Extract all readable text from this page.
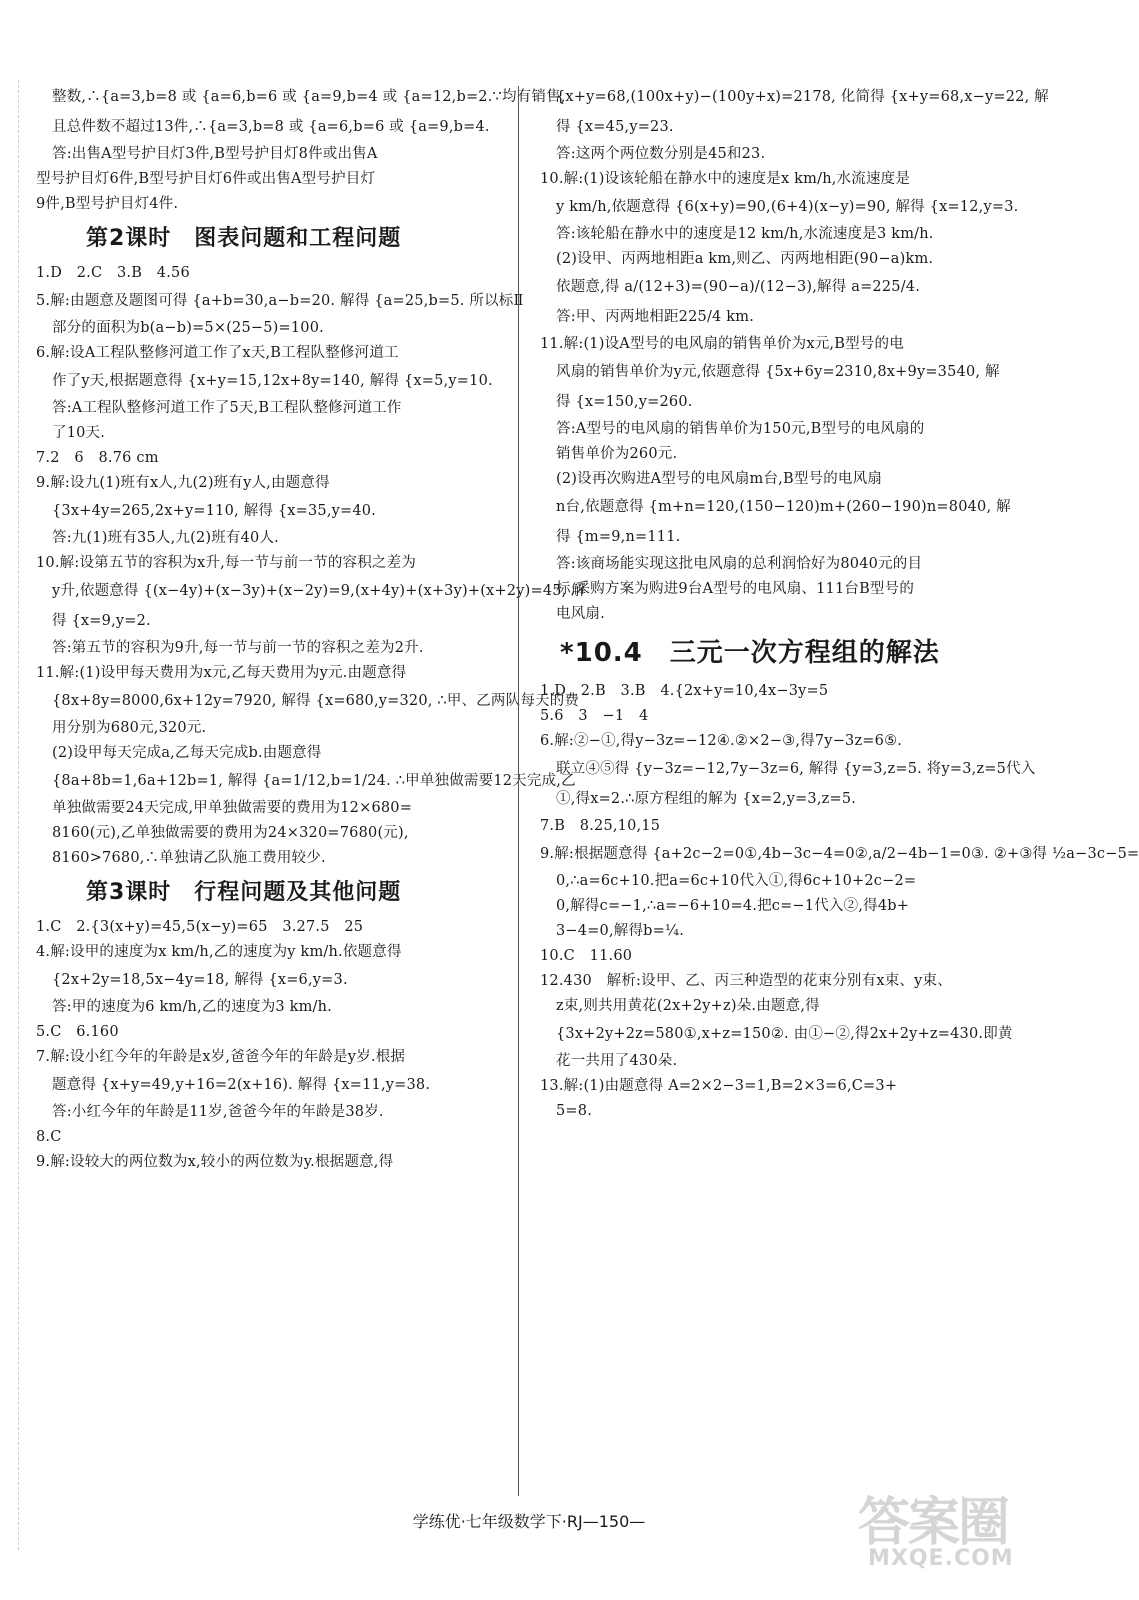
整数,∴{a=3,b=8 或 {a=6,b=6 或 {a=9,b=4 或 {a=12,b=2.∵均有销售,
且总件数不超过13件,∴{a=3,b=8 或 {a=6,b=6 或 {a=9,b=4.
答:出售A型号护目灯3件,B型号护目灯8件或出售A
型号护目灯6件,B型号护目灯6件或出售A型号护目灯
9件,B型号护目灯4件.
第2课时　图表问题和工程问题
1.D　2.C　3.B　4.56
5.解:由题意及题图可得 {a+b=30,a−b=20. 解得 {a=25,b=5. 所以标Ⅱ
部分的面积为b(a−b)=5×(25−5)=100.
6.解:设A工程队整修河道工作了x天,B工程队整修河道工
作了y天,根据题意得 {x+y=15,12x+8y=140, 解得 {x=5,y=10.
答:A工程队整修河道工作了5天,B工程队整修河道工作
了10天.
7.2　6　8.76 cm
9.解:设九(1)班有x人,九(2)班有y人,由题意得
{3x+4y=265,2x+y=110, 解得 {x=35,y=40.
答:九(1)班有35人,九(2)班有40人.
10.解:设第五节的容积为x升,每一节与前一节的容积之差为
y升,依题意得 {(x−4y)+(x−3y)+(x−2y)=9,(x+4y)+(x+3y)+(x+2y)=45, 解
得 {x=9,y=2.
答:第五节的容积为9升,每一节与前一节的容积之差为2升.
11.解:(1)设甲每天费用为x元,乙每天费用为y元.由题意得
{8x+8y=8000,6x+12y=7920, 解得 {x=680,y=320, ∴甲、乙两队每天的费
用分别为680元,320元.
(2)设甲每天完成a,乙每天完成b.由题意得
{8a+8b=1,6a+12b=1, 解得 {a=1/12,b=1/24. ∴甲单独做需要12天完成,乙
单独做需要24天完成,甲单独做需要的费用为12×680=
8160(元),乙单独做需要的费用为24×320=7680(元),
8160>7680,∴单独请乙队施工费用较少.
第3课时　行程问题及其他问题
1.C　2.{3(x+y)=45,5(x−y)=65　3.27.5　25
4.解:设甲的速度为x km/h,乙的速度为y km/h.依题意得
{2x+2y=18,5x−4y=18, 解得 {x=6,y=3.
答:甲的速度为6 km/h,乙的速度为3 km/h.
5.C　6.160
7.解:设小红今年的年龄是x岁,爸爸今年的年龄是y岁.根据
题意得 {x+y=49,y+16=2(x+16). 解得 {x=11,y=38.
答:小红今年的年龄是11岁,爸爸今年的年龄是38岁.
8.C
9.解:设较大的两位数为x,较小的两位数为y.根据题意,得
{x+y=68,(100x+y)−(100y+x)=2178, 化简得 {x+y=68,x−y=22, 解
得 {x=45,y=23.
答:这两个两位数分别是45和23.
10.解:(1)设该轮船在静水中的速度是x km/h,水流速度是
y km/h,依题意得 {6(x+y)=90,(6+4)(x−y)=90, 解得 {x=12,y=3.
答:该轮船在静水中的速度是12 km/h,水流速度是3 km/h.
(2)设甲、丙两地相距a km,则乙、丙两地相距(90−a)km.
依题意,得 a/(12+3)=(90−a)/(12−3),解得 a=225/4.
答:甲、丙两地相距225/4 km.
11.解:(1)设A型号的电风扇的销售单价为x元,B型号的电
风扇的销售单价为y元,依题意得 {5x+6y=2310,8x+9y=3540, 解
得 {x=150,y=260.
答:A型号的电风扇的销售单价为150元,B型号的电风扇的
销售单价为260元.
(2)设再次购进A型号的电风扇m台,B型号的电风扇
n台,依题意得 {m+n=120,(150−120)m+(260−190)n=8040, 解
得 {m=9,n=111.
答:该商场能实现这批电风扇的总利润恰好为8040元的目
标,采购方案为购进9台A型号的电风扇、111台B型号的
电风扇.
*10.4　三元一次方程组的解法
1.D　2.B　3.B　4.{2x+y=10,4x−3y=5
5.6　3　−1　4
6.解:②−①,得y−3z=−12④.②×2−③,得7y−3z=6⑤.
联立④⑤得 {y−3z=−12,7y−3z=6, 解得 {y=3,z=5. 将y=3,z=5代入
①,得x=2.∴原方程组的解为 {x=2,y=3,z=5.
7.B　8.25,10,15
9.解:根据题意得 {a+2c−2=0①,4b−3c−4=0②,a/2−4b−1=0③. ②+③得 ½a−3c−5=
0,∴a=6c+10.把a=6c+10代入①,得6c+10+2c−2=
0,解得c=−1,∴a=−6+10=4.把c=−1代入②,得4b+
3−4=0,解得b=¼.
10.C　11.60
12.430　解析:设甲、乙、丙三种造型的花束分别有x束、y束、
z束,则共用黄花(2x+2y+z)朵.由题意,得
{3x+2y+2z=580①,x+z=150②. 由①−②,得2x+2y+z=430.即黄
花一共用了430朵.
13.解:(1)由题意得 A=2×2−3=1,B=2×3=6,C=3+
5=8.
学练优·七年级数学下·RJ—150—	答案圈
MXQE.COM
